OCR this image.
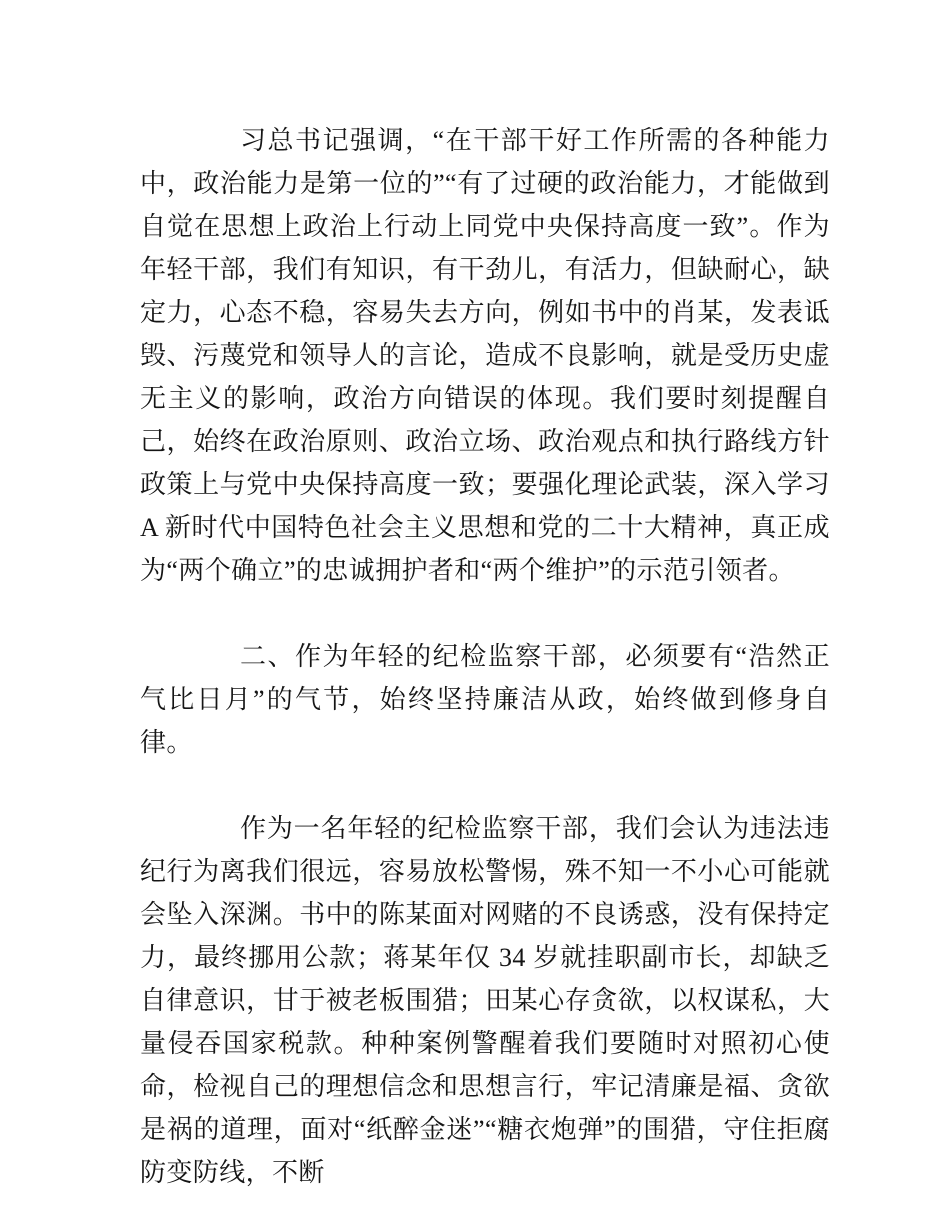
习总书记强调，“在干部干好工作所需的各种能力中，政治能力是第一位的”“有了过硬的政治能力，才能做到自觉在思想上政治上行动上同党中央保持高度一致”。作为年轻干部，我们有知识，有干劲儿，有活力，但缺耐心，缺定力，心态不稳，容易失去方向，例如书中的肖某，发表诋毁、污蔑党和领导人的言论，造成不良影响，就是受历史虚无主义的影响，政治方向错误的体现。我们要时刻提醒自己，始终在政治原则、政治立场、政治观点和执行路线方针政策上与党中央保持高度一致；要强化理论武装，深入学习 A 新时代中国特色社会主义思想和党的二十大精神，真正成为“两个确立”的忠诚拥护者和“两个维护”的示范引领者。

二、作为年轻的纪检监察干部，必须要有“浩然正气比日月”的气节，始终坚持廉洁从政，始终做到修身自律。

作为一名年轻的纪检监察干部，我们会认为违法违纪行为离我们很远，容易放松警惕，殊不知一不小心可能就会坠入深渊。书中的陈某面对网赌的不良诱惑，没有保持定力，最终挪用公款；蒋某年仅 34 岁就挂职副市长，却缺乏自律意识，甘于被老板围猎；田某心存贪欲，以权谋私，大量侵吞国家税款。种种案例警醒着我们要随时对照初心使命，检视自己的理想信念和思想言行，牢记清廉是福、贪欲是祸的道理，面对“纸醉金迷”“糖衣炮弹”的围猎，守住拒腐防变防线，不断
